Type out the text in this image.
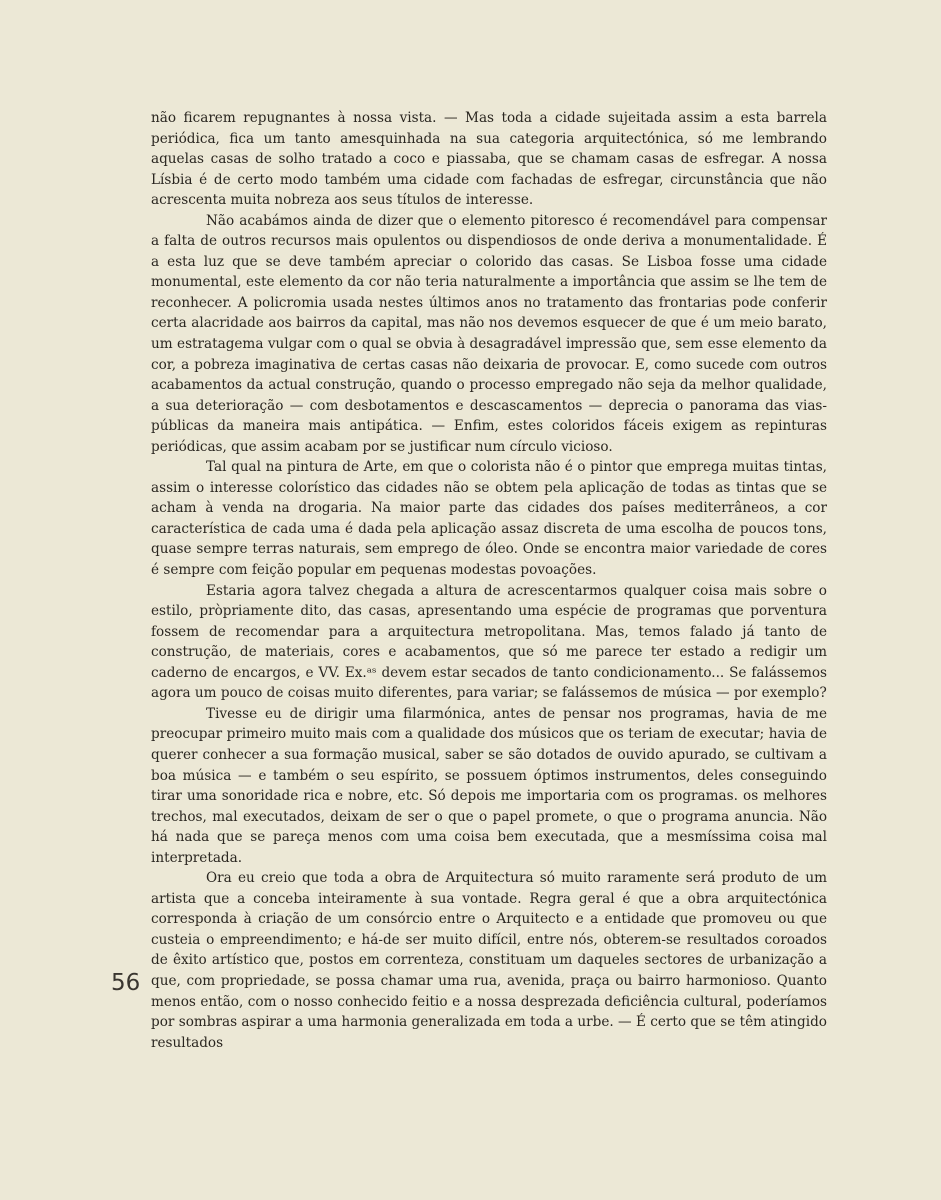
não ficarem repugnantes à nossa vista. — Mas toda a cidade sujeitada assim a esta barrela periódica, fica um tanto amesquinhada na sua categoria arquitectónica, só me lembrando aquelas casas de solho tratado a coco e piassaba, que se chamam casas de esfregar. A nossa Lísbia é de certo modo também uma cidade com fachadas de esfregar, circunstância que não acrescenta muita nobreza aos seus títulos de interesse.

Não acabámos ainda de dizer que o elemento pitoresco é recomendável para compensar a falta de outros recursos mais opulentos ou dispendiosos de onde deriva a monumentalidade. É a esta luz que se deve também apreciar o colorido das casas. Se Lisboa fosse uma cidade monumental, este elemento da cor não teria naturalmente a importância que assim se lhe tem de reconhecer. A policromia usada nestes últimos anos no tratamento das frontarias pode conferir certa alacridade aos bairros da capital, mas não nos devemos esquecer de que é um meio barato, um estratagema vulgar com o qual se obvia à desagradável impressão que, sem esse elemento da cor, a pobreza imaginativa de certas casas não deixaria de provocar. E, como sucede com outros acabamentos da actual construção, quando o processo empregado não seja da melhor qualidade, a sua deterioração — com desbotamentos e descascamentos — deprecia o panorama das vias-públicas da maneira mais antipática. — Enfim, estes coloridos fáceis exigem as repinturas periódicas, que assim acabam por se justificar num círculo vicioso.

Tal qual na pintura de Arte, em que o colorista não é o pintor que emprega muitas tintas, assim o interesse colorístico das cidades não se obtem pela aplicação de todas as tintas que se acham à venda na drogaria. Na maior parte das cidades dos países mediterrâneos, a cor característica de cada uma é dada pela aplicação assaz discreta de uma escolha de poucos tons, quase sempre terras naturais, sem emprego de óleo. Onde se encontra maior variedade de cores é sempre com feição popular em pequenas modestas povoações.

Estaria agora talvez chegada a altura de acrescentarmos qualquer coisa mais sobre o estilo, pròpriamente dito, das casas, apresentando uma espécie de programas que porventura fossem de recomendar para a arquitectura metropolitana. Mas, temos falado já tanto de construção, de materiais, cores e acabamentos, que só me parece ter estado a redigir um caderno de encargos, e VV. Ex.ᵃˢ devem estar secados de tanto condicionamento... Se falássemos agora um pouco de coisas muito diferentes, para variar; se falássemos de música — por exemplo?

Tivesse eu de dirigir uma filarmónica, antes de pensar nos programas, havia de me preocupar primeiro muito mais com a qualidade dos músicos que os teriam de executar; havia de querer conhecer a sua formação musical, saber se são dotados de ouvido apurado, se cultivam a boa música — e também o seu espírito, se possuem óptimos instrumentos, deles conseguindo tirar uma sonoridade rica e nobre, etc. Só depois me importaria com os programas. os melhores trechos, mal executados, deixam de ser o que o papel promete, o que o programa anuncia. Não há nada que se pareça menos com uma coisa bem executada, que a mesmíssima coisa mal interpretada.

Ora eu creio que toda a obra de Arquitectura só muito raramente será produto de um artista que a conceba inteiramente à sua vontade. Regra geral é que a obra arquitectónica corresponda à criação de um consórcio entre o Arquitecto e a entidade que promoveu ou que custeia o empreendimento; e há-de ser muito difícil, entre nós, obterem-se resultados coroados de êxito artístico que, postos em correnteza, constituam um daqueles sectores de urbanização a que, com propriedade, se possa chamar uma rua, avenida, praça ou bairro harmonioso. Quanto menos então, com o nosso conhecido feitio e a nossa desprezada deficiência cultural, poderíamos por sombras aspirar a uma harmonia generalizada em toda a urbe. — É certo que se têm atingido resultados

56
